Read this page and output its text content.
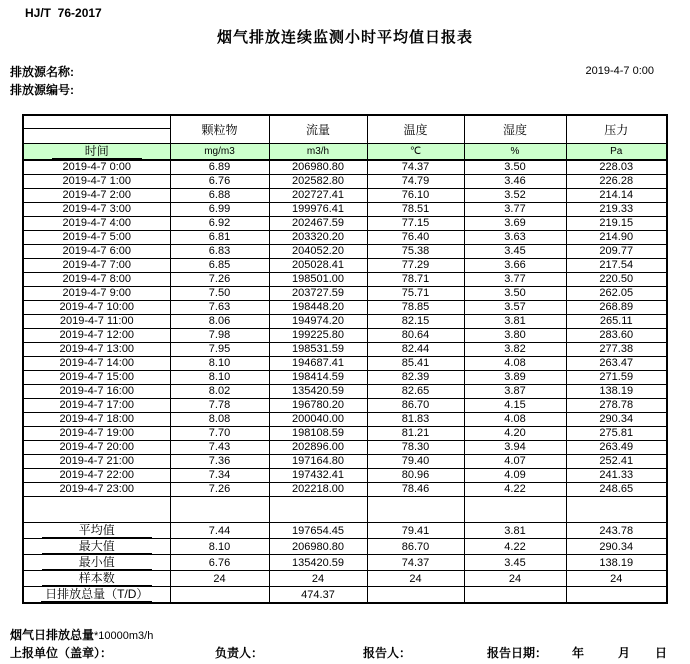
HJ/T  76-2017
烟气排放连续监测小时平均值日报表
排放源名称:	2019-4-7 0:00
排放源编号:
	颗粒物	流量	温度	湿度	压力
时间	mg/m3	m3/h	℃	%	Pa
2019-4-7 0:00	6.89	206980.80	74.37	3.50	228.03
2019-4-7 1:00	6.76	202582.80	74.79	3.46	226.28
2019-4-7 2:00	6.88	202727.41	76.10	3.52	214.14
2019-4-7 3:00	6.99	199976.41	78.51	3.77	219.33
2019-4-7 4:00	6.92	202467.59	77.15	3.69	219.15
2019-4-7 5:00	6.81	203320.20	76.40	3.63	214.90
2019-4-7 6:00	6.83	204052.20	75.38	3.45	209.77
2019-4-7 7:00	6.85	205028.41	77.29	3.66	217.54
2019-4-7 8:00	7.26	198501.00	78.71	3.77	220.50
2019-4-7 9:00	7.50	203727.59	75.71	3.50	262.05
2019-4-7 10:00	7.63	198448.20	78.85	3.57	268.89
2019-4-7 11:00	8.06	194974.20	82.15	3.81	265.11
2019-4-7 12:00	7.98	199225.80	80.64	3.80	283.60
2019-4-7 13:00	7.95	198531.59	82.44	3.82	277.38
2019-4-7 14:00	8.10	194687.41	85.41	4.08	263.47
2019-4-7 15:00	8.10	198414.59	82.39	3.89	271.59
2019-4-7 16:00	8.02	135420.59	82.65	3.87	138.19
2019-4-7 17:00	7.78	196780.20	86.70	4.15	278.78
2019-4-7 18:00	8.08	200040.00	81.83	4.08	290.34
2019-4-7 19:00	7.70	198108.59	81.21	4.20	275.81
2019-4-7 20:00	7.43	202896.00	78.30	3.94	263.49
2019-4-7 21:00	7.36	197164.80	79.40	4.07	252.41
2019-4-7 22:00	7.34	197432.41	80.96	4.09	241.33
2019-4-7 23:00	7.26	202218.00	78.46	4.22	248.65

平均值	7.44	197654.45	79.41	3.81	243.78
最大值	8.10	206980.80	86.70	4.22	290.34
最小值	6.76	135420.59	74.37	3.45	138.19
样本数	24	24	24	24	24
日排放总量（T/D）		474.37			
烟气日排放总量*10000m3/h
上报单位（盖章）：	负责人：	报告人：	报告日期： 年	月 日
